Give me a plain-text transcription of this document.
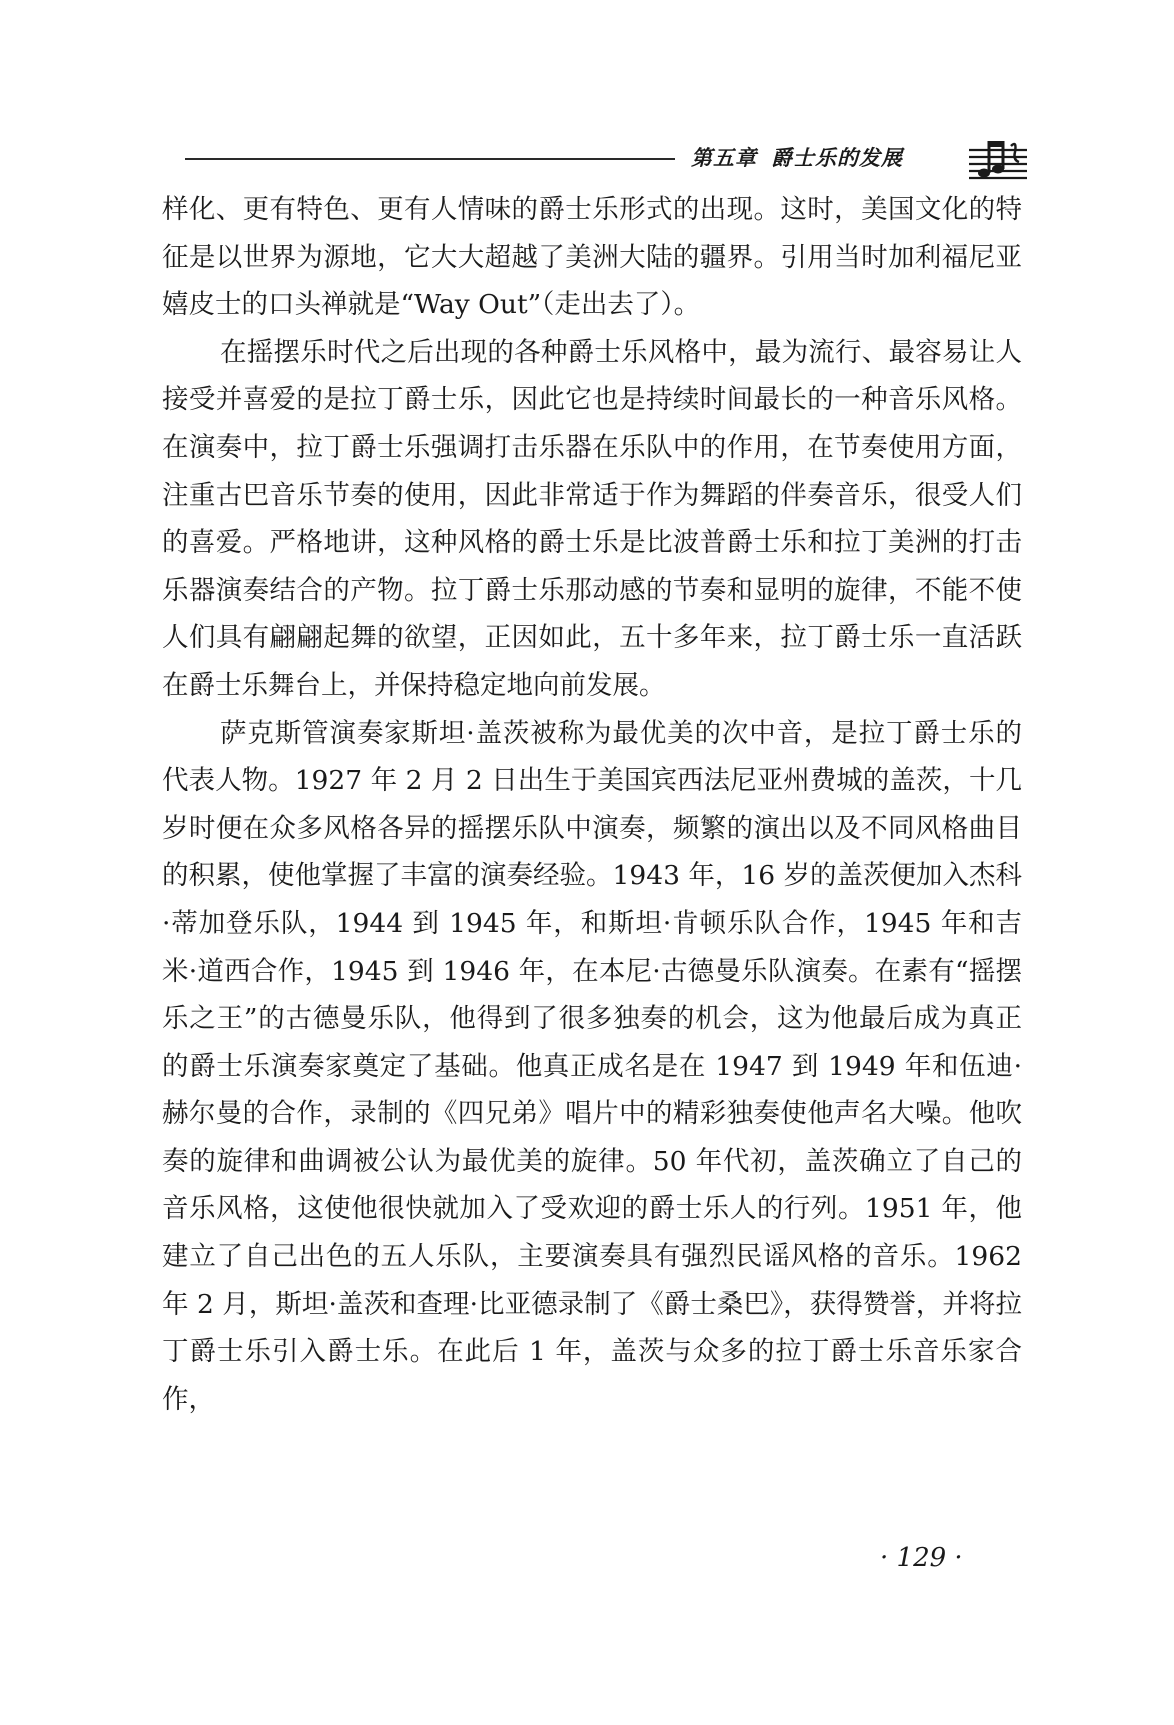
第五章 爵士乐的发展

样化、更有特色、更有人情味的爵士乐形式的出现。这时，美国文化的特征是以世界为源地，它大大超越了美洲大陆的疆界。引用当时加利福尼亚嬉皮士的口头禅就是“Way Out”（走出去了）。

在摇摆乐时代之后出现的各种爵士乐风格中，最为流行、最容易让人接受并喜爱的是拉丁爵士乐，因此它也是持续时间最长的一种音乐风格。在演奏中，拉丁爵士乐强调打击乐器在乐队中的作用，在节奏使用方面，注重古巴音乐节奏的使用，因此非常适于作为舞蹈的伴奏音乐，很受人们的喜爱。严格地讲，这种风格的爵士乐是比波普爵士乐和拉丁美洲的打击乐器演奏结合的产物。拉丁爵士乐那动感的节奏和显明的旋律，不能不使人们具有翩翩起舞的欲望，正因如此，五十多年来，拉丁爵士乐一直活跃在爵士乐舞台上，并保持稳定地向前发展。

萨克斯管演奏家斯坦·盖茨被称为最优美的次中音，是拉丁爵士乐的代表人物。1927 年 2 月 2 日出生于美国宾西法尼亚州费城的盖茨，十几岁时便在众多风格各异的摇摆乐队中演奏，频繁的演出以及不同风格曲目的积累，使他掌握了丰富的演奏经验。1943 年，16 岁的盖茨便加入杰科·蒂加登乐队，1944 到 1945 年，和斯坦·肯顿乐队合作，1945 年和吉米·道西合作，1945 到 1946 年，在本尼·古德曼乐队演奏。在素有“摇摆乐之王”的古德曼乐队，他得到了很多独奏的机会，这为他最后成为真正的爵士乐演奏家奠定了基础。他真正成名是在 1947 到 1949 年和伍迪·赫尔曼的合作，录制的《四兄弟》唱片中的精彩独奏使他声名大噪。他吹奏的旋律和曲调被公认为最优美的旋律。50 年代初，盖茨确立了自己的音乐风格，这使他很快就加入了受欢迎的爵士乐人的行列。1951 年，他建立了自己出色的五人乐队，主要演奏具有强烈民谣风格的音乐。1962 年 2 月，斯坦·盖茨和查理·比亚德录制了《爵士桑巴》，获得赞誉，并将拉丁爵士乐引入爵士乐。在此后 1 年，盖茨与众多的拉丁爵士乐音乐家合作，

· 129 ·
